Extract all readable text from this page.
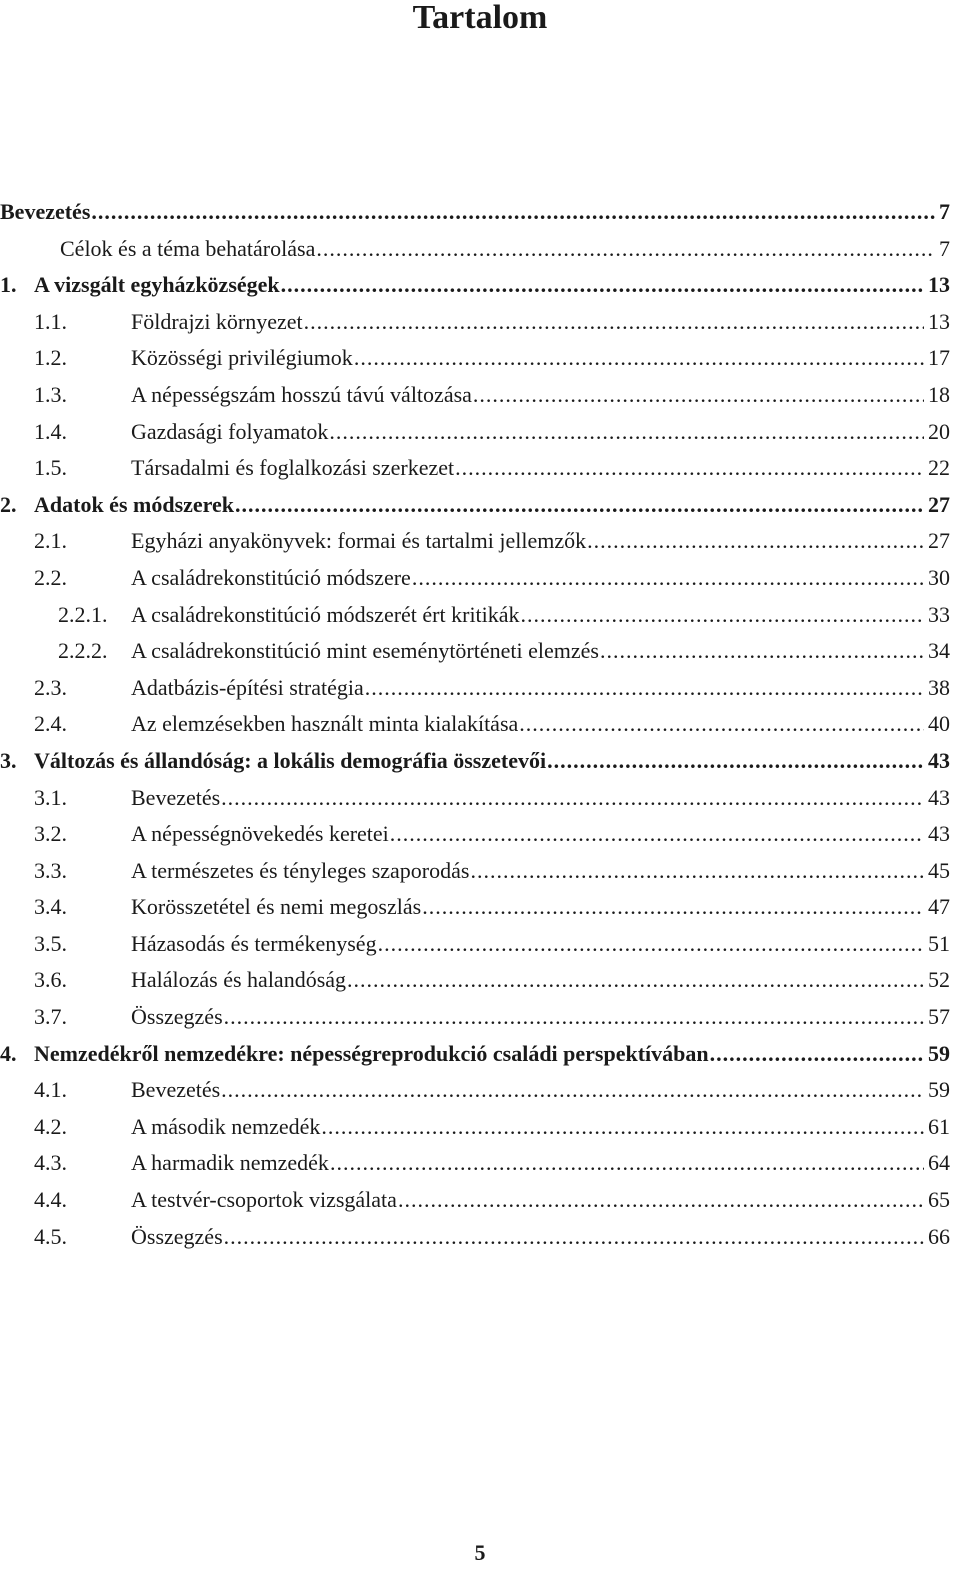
Tartalom
Bevezetés .....	7
Célok és a téma behatárolása .....	7
1. A vizsgált egyházközségek .....	13
1.1.	Földrajzi környezet .....	13
1.2.	Közösségi privilégiumok .....	17
1.3.	A népességszám hosszú távú változása .....	18
1.4.	Gazdasági folyamatok .....	20
1.5.	Társadalmi és foglalkozási szerkezet .....	22
2. Adatok és módszerek .....	27
2.1.	Egyházi anyakönyvek: formai és tartalmi jellemzők .....	27
2.2.	A családrekonstitúció módszere .....	30
2.2.1. A családrekonstitúció módszerét ért kritikák .....	33
2.2.2. A családrekonstitúció mint eseménytörténeti elemzés .....	34
2.3.	Adatbázis-építési stratégia .....	38
2.4.	Az elemzésekben használt minta kialakítása .....	40
3. Változás és állandóság: a lokális demográfia összetevői .....	43
3.1.	Bevezetés .....	43
3.2.	A népességnövekedés keretei .....	43
3.3.	A természetes és tényleges szaporodás .....	45
3.4.	Korösszetétel és nemi megoszlás .....	47
3.5.	Házasodás és termékenység .....	51
3.6.	Halálozás és halandóság .....	52
3.7.	Összegzés .....	57
4. Nemzedékről nemzedékre: népességreprodukció családi perspektívában .....	59
4.1.	Bevezetés .....	59
4.2.	A második nemzedék .....	61
4.3.	A harmadik nemzedék .....	64
4.4.	A testvér-csoportok vizsgálata .....	65
4.5.	Összegzés .....	66
5
